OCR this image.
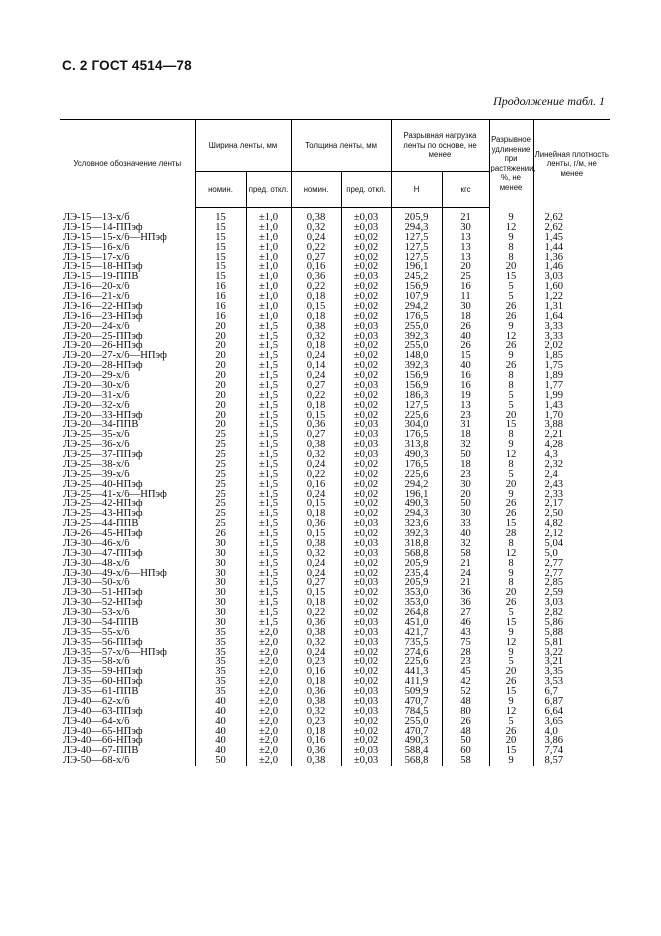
С. 2 ГОСТ 4514—78
Продолжение табл. 1
Условное обозначение ленты	Ширина ленты, мм		Толщина ленты, мм		Разрывная нагрузка ленты по основе, не менее		Разрывное удлинение при растяжении, %, не менее	Линейная плотность ленты, г/м, не менее
	номин.	пред. откл.	номин.	пред. откл.	Н	кгс		
ЛЭ-15—13-х/б	15	±1,0	0,38	±0,03	205,9	21	9	2,62
ЛЭ-15—14-ППэф	15	±1,0	0,32	±0,03	294,3	30	12	2,62
ЛЭ-15—15-х/б—НПэф	15	±1,0	0,24	±0,02	127,5	13	9	1,45
ЛЭ-15—16-х/б	15	±1,0	0,22	±0,02	127,5	13	8	1,44
ЛЭ-15—17-х/б	15	±1,0	0,27	±0,02	127,5	13	8	1,36
ЛЭ-15—18-НПэф	15	±1,0	0,16	±0,02	196,1	20	20	1,46
ЛЭ-15—19-ППВ	15	±1,0	0,36	±0,03	245,2	25	15	3,03
ЛЭ-16—20-х/б	16	±1,0	0,22	±0,02	156,9	16	5	1,60
ЛЭ-16—21-х/б	16	±1,0	0,18	±0,02	107,9	11	5	1,22
ЛЭ-16—22-НПэф	16	±1,0	0,15	±0,02	294,2	30	26	1,31
ЛЭ-16—23-НПэф	16	±1,0	0,18	±0,02	176,5	18	26	1,64
ЛЭ-20—24-х/б	20	±1,5	0,38	±0,03	255,0	26	9	3,33
ЛЭ-20—25-ППэф	20	±1,5	0,32	±0,03	392,3	40	12	3,33
ЛЭ-20—26-НПэф	20	±1,5	0,18	±0,02	255,0	26	26	2,02
ЛЭ-20—27-х/б—НПэф	20	±1,5	0,24	±0,02	148,0	15	9	1,85
ЛЭ-20—28-НПэф	20	±1,5	0,14	±0,02	392,3	40	26	1,75
ЛЭ-20—29-х/б	20	±1,5	0,24	±0,02	156,9	16	8	1,89
ЛЭ-20—30-х/б	20	±1,5	0,27	±0,03	156,9	16	8	1,77
ЛЭ-20—31-х/б	20	±1,5	0,22	±0,02	186,3	19	5	1,99
ЛЭ-20—32-х/б	20	±1,5	0,18	±0,02	127,5	13	5	1,43
ЛЭ-20—33-НПэф	20	±1,5	0,15	±0,02	225,6	23	20	1,70
ЛЭ-20—34-ППВ	20	±1,5	0,36	±0,03	304,0	31	15	3,88
ЛЭ-25—35-х/б	25	±1,5	0,27	±0,03	176,5	18	8	2,21
ЛЭ-25—36-х/б	25	±1,5	0,38	±0,03	313,8	32	9	4,28
ЛЭ-25—37-ППэф	25	±1,5	0,32	±0,03	490,3	50	12	4,3
ЛЭ-25—38-х/б	25	±1,5	0,24	±0,02	176,5	18	8	2,32
ЛЭ-25—39-х/б	25	±1,5	0,22	±0,02	225,6	23	5	2,4
ЛЭ-25—40-НПэф	25	±1,5	0,16	±0,02	294,2	30	20	2,43
ЛЭ-25—41-х/б—НПэф	25	±1,5	0,24	±0,02	196,1	20	9	2,33
ЛЭ-25—42-НПэф	25	±1,5	0,15	±0,02	490,3	50	26	2,17
ЛЭ-25—43-НПэф	25	±1,5	0,18	±0,02	294,3	30	26	2,50
ЛЭ-25—44-ППВ	25	±1,5	0,36	±0,03	323,6	33	15	4,82
ЛЭ-26—45-НПэф	26	±1,5	0,15	±0,02	392,3	40	28	2,12
ЛЭ-30—46-х/б	30	±1,5	0,38	±0,03	318,8	32	8	5,04
ЛЭ-30—47-ППэф	30	±1,5	0,32	±0,03	568,8	58	12	5,0
ЛЭ-30—48-х/б	30	±1,5	0,24	±0,02	205,9	21	8	2,77
ЛЭ-30—49-х/б—НПэф	30	±1,5	0,24	±0,02	235,4	24	9	2,77
ЛЭ-30—50-х/б	30	±1,5	0,27	±0,03	205,9	21	8	2,85
ЛЭ-30—51-НПэф	30	±1,5	0,15	±0,02	353,0	36	20	2,59
ЛЭ-30—52-НПэф	30	±1,5	0,18	±0,02	353,0	36	26	3,03
ЛЭ-30—53-х/б	30	±1,5	0,22	±0,02	264,8	27	5	2,82
ЛЭ-30—54-ППВ	30	±1,5	0,36	±0,03	451,0	46	15	5,86
ЛЭ-35—55-х/б	35	±2,0	0,38	±0,03	421,7	43	9	5,88
ЛЭ-35—56-ППэф	35	±2,0	0,32	±0,03	735,5	75	12	5,81
ЛЭ-35—57-х/б—НПэф	35	±2,0	0,24	±0,02	274,6	28	9	3,22
ЛЭ-35—58-х/б	35	±2,0	0,23	±0,02	225,6	23	5	3,21
ЛЭ-35—59-НПэф	35	±2,0	0,16	±0,02	441,3	45	20	3,35
ЛЭ-35—60-НПэф	35	±2,0	0,18	±0,02	411,9	42	26	3,53
ЛЭ-35—61-ППВ	35	±2,0	0,36	±0,03	509,9	52	15	6,7
ЛЭ-40—62-х/б	40	±2,0	0,38	±0,03	470,7	48	9	6,87
ЛЭ-40—63-ППэф	40	±2,0	0,32	±0,03	784,5	80	12	6,64
ЛЭ-40—64-х/б	40	±2,0	0,23	±0,02	255,0	26	5	3,65
ЛЭ-40—65-НПэф	40	±2,0	0,18	±0,02	470,7	48	26	4,0
ЛЭ-40—66-НПэф	40	±2,0	0,16	±0,02	490,3	50	20	3,86
ЛЭ-40—67-ППВ	40	±2,0	0,36	±0,03	588,4	60	15	7,74
ЛЭ-50—68-х/б	50	±2,0	0,38	±0,03	568,8	58	9	8,57
